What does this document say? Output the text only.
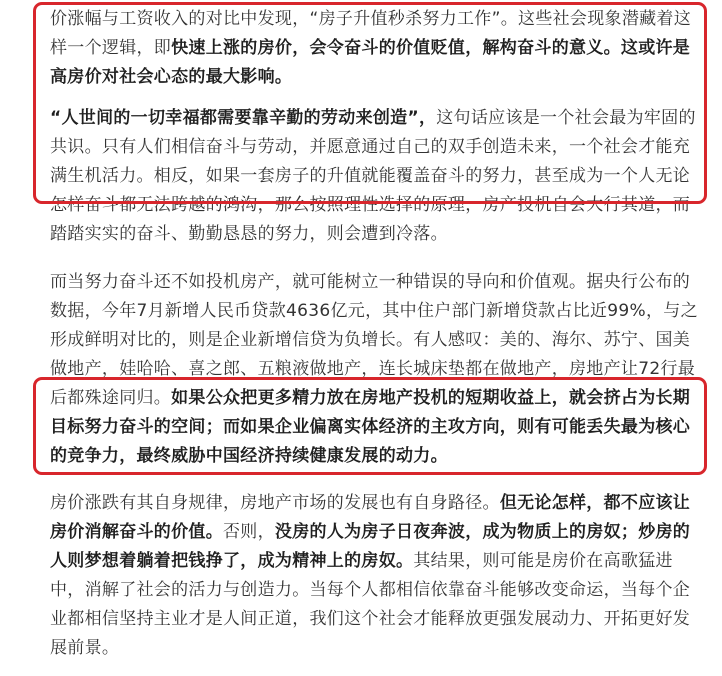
价涨幅与工资收入的对比中发现，“房子升值秒杀努力工作”。这些社会现象潜藏着这样一个逻辑，即快速上涨的房价，会令奋斗的价值贬值，解构奋斗的意义。这或许是高房价对社会心态的最大影响。

“人世间的一切幸福都需要靠辛勤的劳动来创造”，这句话应该是一个社会最为牢固的共识。只有人们相信奋斗与劳动，并愿意通过自己的双手创造未来，一个社会才能充满生机活力。相反，如果一套房子的升值就能覆盖奋斗的努力，甚至成为一个人无论怎样奋斗都无法跨越的鸿沟，那么按照理性选择的原理，房产投机自会大行其道，而踏踏实实的奋斗、勤勤恳恳的努力，则会遭到冷落。

而当努力奋斗还不如投机房产，就可能树立一种错误的导向和价值观。据央行公布的数据，今年7月新增人民币贷款4636亿元，其中住户部门新增贷款占比近99%，与之形成鲜明对比的，则是企业新增信贷为负增长。有人感叹：美的、海尔、苏宁、国美做地产，娃哈哈、喜之郎、五粮液做地产，连长城床垫都在做地产，房地产让72行最后都殊途同归。如果公众把更多精力放在房地产投机的短期收益上，就会挤占为长期目标努力奋斗的空间；而如果企业偏离实体经济的主攻方向，则有可能丢失最为核心的竞争力，最终威胁中国经济持续健康发展的动力。

房价涨跌有其自身规律，房地产市场的发展也有自身路径。但无论怎样，都不应该让房价消解奋斗的价值。否则，没房的人为房子日夜奔波，成为物质上的房奴；炒房的人则梦想着躺着把钱挣了，成为精神上的房奴。其结果，则可能是房价在高歌猛进中，消解了社会的活力与创造力。当每个人都相信依靠奋斗能够改变命运，当每个企业都相信坚持主业才是人间正道，我们这个社会才能释放更强发展动力、开拓更好发展前景。
